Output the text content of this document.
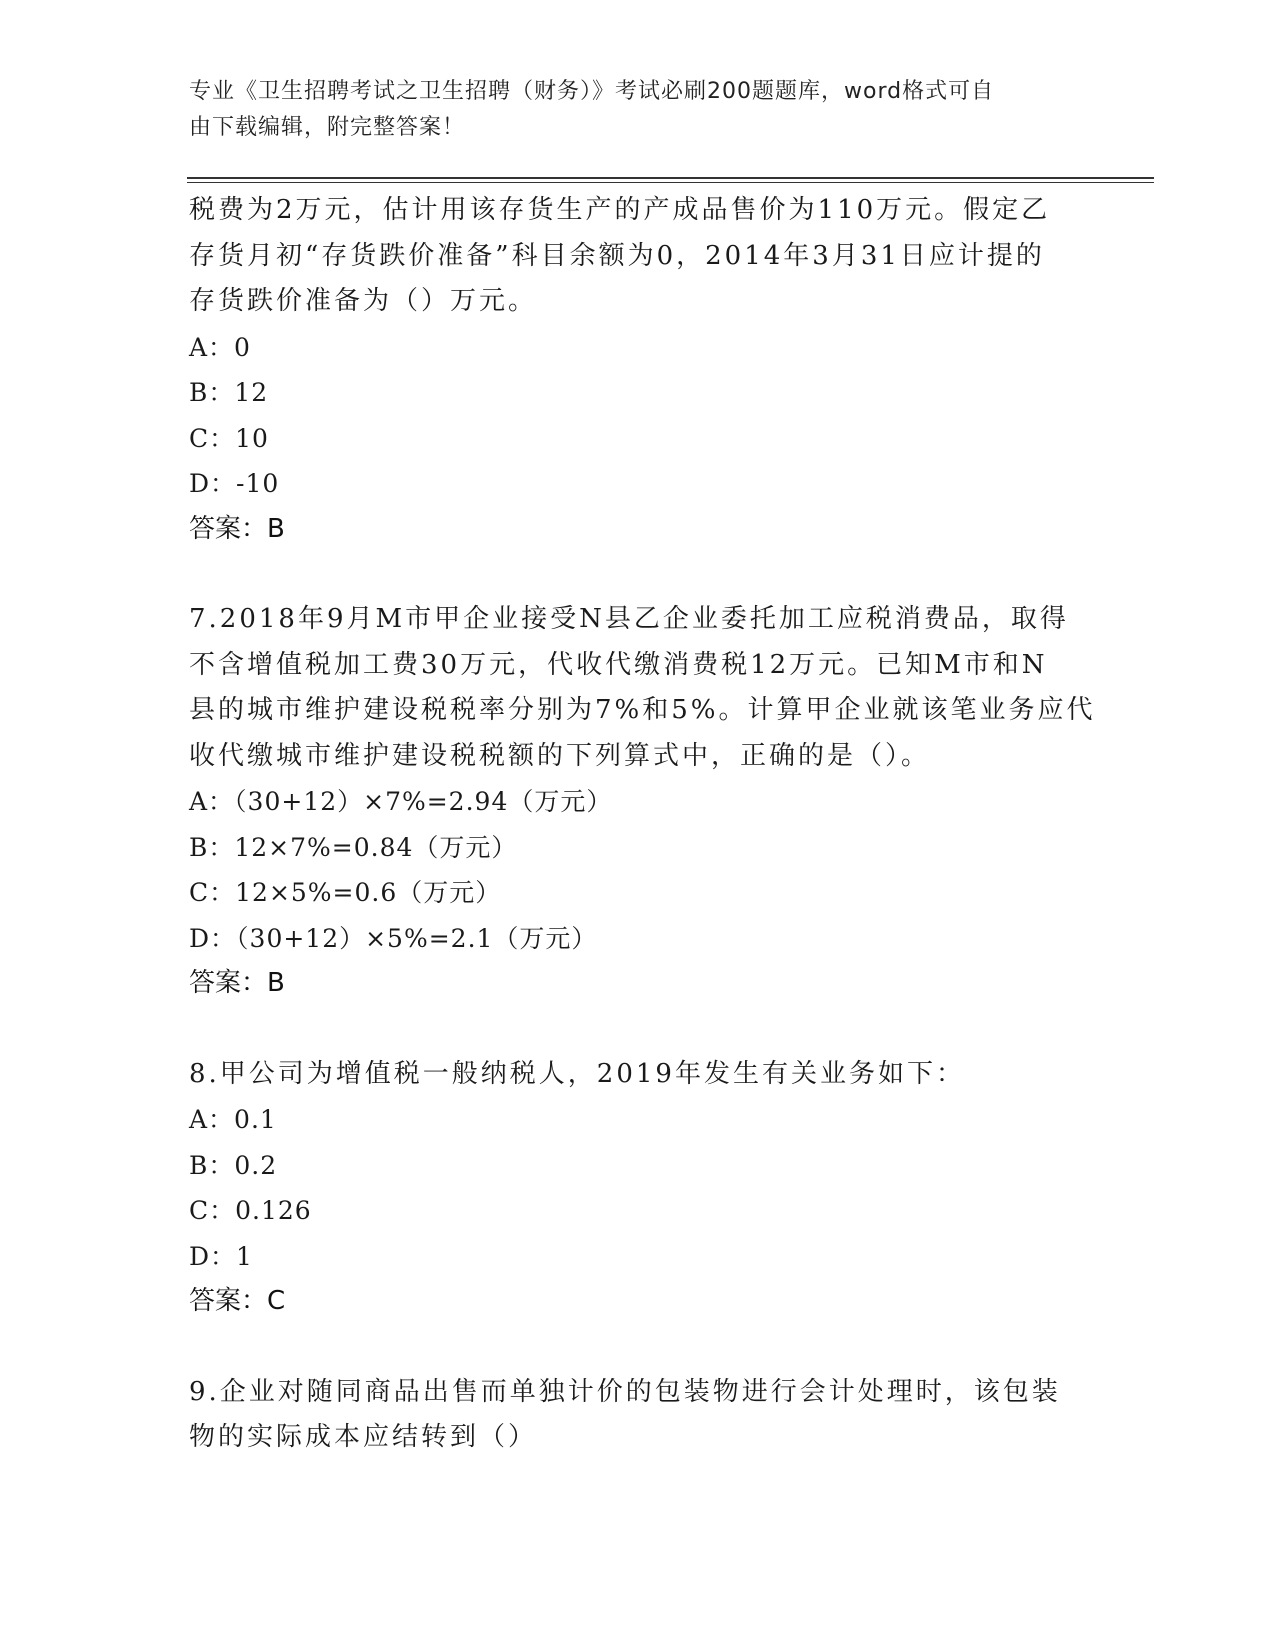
专业《卫生招聘考试之卫生招聘（财务）》考试必刷200题题库，word格式可自
由下载编辑，附完整答案！
税费为2万元，估计用该存货生产的产成品售价为110万元。假定乙
存货月初“存货跌价准备”科目余额为0，2014年3月31日应计提的
存货跌价准备为（）万元。
A：0
B：12
C：10
D：-10
答案：B
7.2018年9月M市甲企业接受N县乙企业委托加工应税消费品，取得
不含增值税加工费30万元，代收代缴消费税12万元。已知M市和N
县的城市维护建设税税率分别为7%和5%。计算甲企业就该笔业务应代
收代缴城市维护建设税税额的下列算式中，正确的是（）。
A：（30+12）×7%=2.94（万元）
B：12×7%=0.84（万元）
C：12×5%=0.6（万元）
D：（30+12）×5%=2.1（万元）
答案：B
8.甲公司为增值税一般纳税人，2019年发生有关业务如下：
A：0.1
B：0.2
C：0.126
D：1
答案：C
9.企业对随同商品出售而单独计价的包装物进行会计处理时，该包装
物的实际成本应结转到（）
